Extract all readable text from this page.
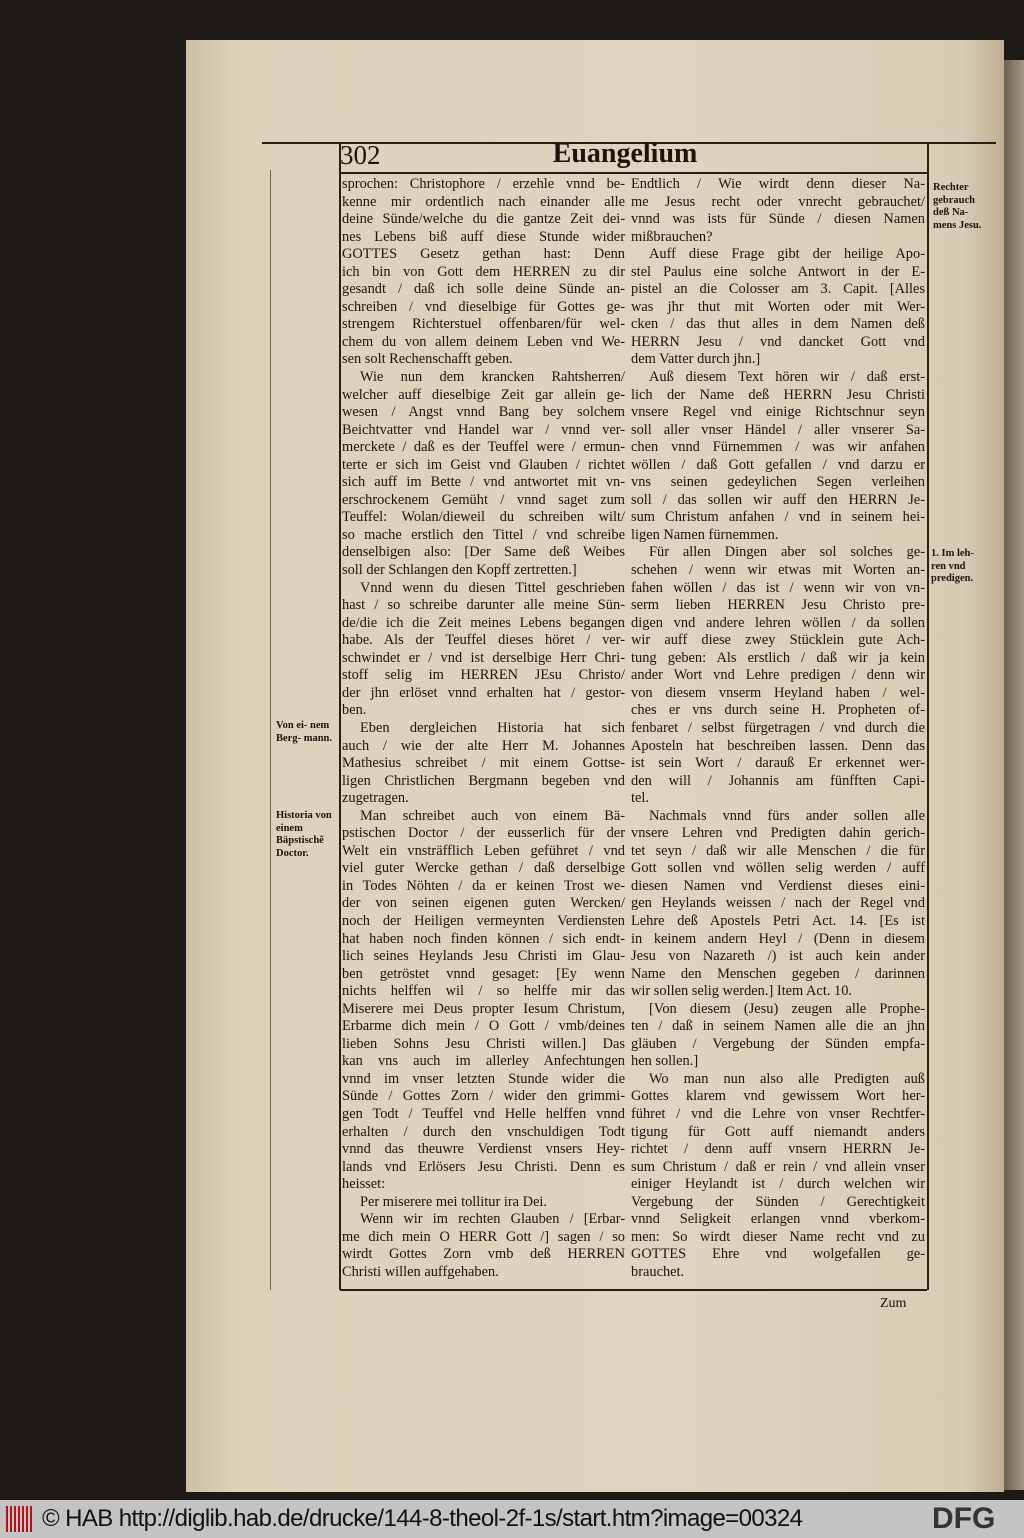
302	Euangelium
sprochen: Christophore / erzehle vnnd be-
kenne mir ordentlich nach einander alle
deine Sünde/welche du die gantze Zeit dei-
nes Lebens biß auff diese Stunde wider
GOTTES Gesetz gethan hast: Denn
ich bin von Gott dem HERREN zu dir
gesandt / daß ich solle deine Sünde an-
schreiben / vnd dieselbige für Gottes ge-
strengem Richterstuel offenbaren/für wel-
chem du von allem deinem Leben vnd We-
sen solt Rechenschafft geben.
Wie nun dem krancken Rahtsherren/
welcher auff dieselbige Zeit gar allein ge-
wesen / Angst vnnd Bang bey solchem
Beichtvatter vnd Handel war / vnnd ver-
merckete / daß es der Teuffel were / ermun-
terte er sich im Geist vnd Glauben / richtet
sich auff im Bette / vnd antwortet mit vn-
erschrockenem Gemüht / vnnd saget zum
Teuffel: Wolan/dieweil du schreiben wilt/
so mache erstlich den Tittel / vnd schreibe
denselbigen also: [Der Same deß Weibes
soll der Schlangen den Kopff zertretten.]
Vnnd wenn du diesen Tittel geschrieben
hast / so schreibe darunter alle meine Sün-
de/die ich die Zeit meines Lebens begangen
habe. Als der Teuffel dieses höret / ver-
schwindet er / vnd ist derselbige Herr Chri-
stoff selig im HERREN JEsu Christo/
der jhn erlöset vnnd erhalten hat / gestor-
ben.
Eben dergleichen Historia hat sich
auch / wie der alte Herr M. Johannes
Mathesius schreibet / mit einem Gottse-
ligen Christlichen Bergmann begeben vnd
zugetragen.
Man schreibet auch von einem Bä-
pstischen Doctor / der eusserlich für der
Welt ein vnsträfflich Leben geführet / vnd
viel guter Wercke gethan / daß derselbige
in Todes Nöhten / da er keinen Trost we-
der von seinen eigenen guten Wercken/
noch der Heiligen vermeynten Verdiensten
hat haben noch finden können / sich endt-
lich seines Heylands Jesu Christi im Glau-
ben getröstet vnnd gesaget: [Ey wenn
nichts helffen wil / so helffe mir das
Miserere mei Deus propter Iesum Christum,
Erbarme dich mein / O Gott / vmb/deines
lieben Sohns Jesu Christi willen.] Das
kan vns auch im allerley Anfechtungen
vnnd im vnser letzten Stunde wider die
Sünde / Gottes Zorn / wider den grimmi-
gen Todt / Teuffel vnd Helle helffen vnnd
erhalten / durch den vnschuldigen Todt
vnnd das theuwre Verdienst vnsers Hey-
lands vnd Erlösers Jesu Christi. Denn es
heisset:
Per miserere mei tollitur ira Dei.
Wenn wir im rechten Glauben / [Erbar-
me dich mein O HERR Gott /] sagen / so
wirdt Gottes Zorn vmb deß HERREN
Christi willen auffgehaben.
Endtlich / Wie wirdt denn dieser Na-
me Jesus recht oder vnrecht gebrauchet/
vnnd was ists für Sünde / diesen Namen
mißbrauchen?
Auff diese Frage gibt der heilige Apo-
stel Paulus eine solche Antwort in der E-
pistel an die Colosser am 3. Capit. [Alles
was jhr thut mit Worten oder mit Wer-
cken / das thut alles in dem Namen deß
HERRN Jesu / vnd dancket Gott vnd
dem Vatter durch jhn.]
Auß diesem Text hören wir / daß erst-
lich der Name deß HERRN Jesu Christi
vnsere Regel vnd einige Richtschnur seyn
soll aller vnser Händel / aller vnserer Sa-
chen vnnd Fürnemmen / was wir anfahen
wöllen / daß Gott gefallen / vnd darzu er
vns seinen gedeylichen Segen verleihen
soll / das sollen wir auff den HERRN Je-
sum Christum anfahen / vnd in seinem hei-
ligen Namen fürnemmen.
Für allen Dingen aber sol solches ge-
schehen / wenn wir etwas mit Worten an-
fahen wöllen / das ist / wenn wir von vn-
serm lieben HERREN Jesu Christo pre-
digen vnd andere lehren wöllen / da sollen
wir auff diese zwey Stücklein gute Ach-
tung geben: Als erstlich / daß wir ja kein
ander Wort vnd Lehre predigen / denn wir
von diesem vnserm Heyland haben / wel-
ches er vns durch seine H. Propheten of-
fenbaret / selbst fürgetragen / vnd durch die
Aposteln hat beschreiben lassen. Denn das
ist sein Wort / darauß Er erkennet wer-
den will / Johannis am fünfften Capi-
tel.
Nachmals vnnd fürs ander sollen alle
vnsere Lehren vnd Predigten dahin gerich-
tet seyn / daß wir alle Menschen / die für
Gott sollen vnd wöllen selig werden / auff
diesen Namen vnd Verdienst dieses eini-
gen Heylands weissen / nach der Regel vnd
Lehre deß Apostels Petri Act. 14. [Es ist
in keinem andern Heyl / (Denn in diesem
Jesu von Nazareth /) ist auch kein ander
Name den Menschen gegeben / darinnen
wir sollen selig werden.] Item Act. 10.
[Von diesem (Jesu) zeugen alle Prophe-
ten / daß in seinem Namen alle die an jhn
gläuben / Vergebung der Sünden empfa-
hen sollen.]
Wo man nun also alle Predigten auß
Gottes klarem vnd gewissem Wort her-
führet / vnd die Lehre von vnser Rechtfer-
tigung für Gott auff niemandt anders
richtet / denn auff vnsern HERRN Je-
sum Christum / daß er rein / vnd allein vnser
einiger Heylandt ist / durch welchen wir
Vergebung der Sünden / Gerechtigkeit
vnnd Seligkeit erlangen vnnd vberkom-
men: So wirdt dieser Name recht vnd zu
GOTTES Ehre vnd wolgefallen ge-
brauchet.
Rechter gebrauch deß Na- mens Jesu.
1. Im leh- ren vnd predigen.
Von ei- nem Berg- mann.
Historia von einem Bäpstischẽ Doctor.
Zum
© HAB http://diglib.hab.de/drucke/144-8-theol-2f-1s/start.htm?image=00324	DFG
